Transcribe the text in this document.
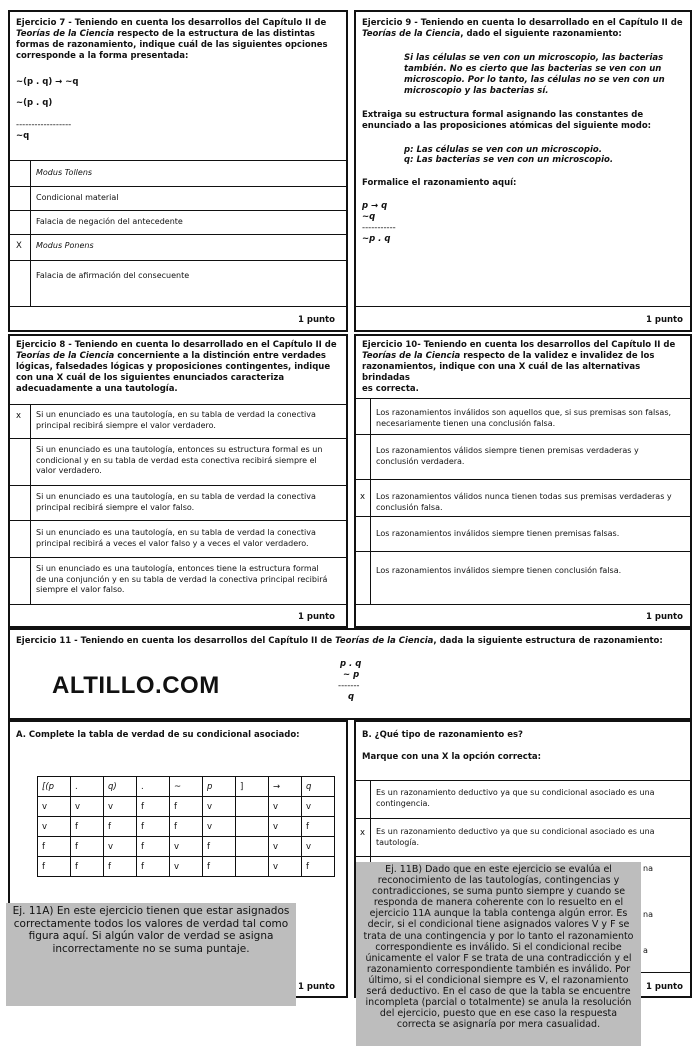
Ejercicio 7 - Teniendo en cuenta los desarrollos del Capítulo II de
Teorías de la Ciencia respecto de la estructura de las distintas
formas de razonamiento, indique cuál de las siguientes opciones
corresponde a la forma presentada:
~(p . q) → ~q
~(p . q)
------------------
~q
Modus Tollens
Condicional material
Falacia de negación del antecedente
X Modus Ponens
Falacia de afirmación del consecuente
1 punto
Ejercicio 9 - Teniendo en cuenta lo desarrollado en el Capítulo II de
Teorías de la Ciencia, dado el siguiente razonamiento:
Si las células se ven con un microscopio, las bacterias
también. No es cierto que las bacterias se ven con un
microscopio. Por lo tanto, las células no se ven con un
microscopio y las bacterias sí.
Extraiga su estructura formal asignando las constantes de
enunciado a las proposiciones atómicas del siguiente modo:
p: Las células se ven con un microscopio.
q: Las bacterias se ven con un microscopio.
Formalice el razonamiento aquí:
p → q
~q
-----------
~p . q
1 punto
Ejercicio 8 - Teniendo en cuenta lo desarrollado en el Capítulo II de
Teorías de la Ciencia concerniente a la distinción entre verdades
lógicas, falsedades lógicas y proposiciones contingentes, indique
con una X cuál de los siguientes enunciados caracteriza
adecuadamente a una tautología.
x Si un enunciado es una tautología, en su tabla de verdad la conectiva
principal recibirá siempre el valor verdadero.
Si un enunciado es una tautología, entonces su estructura formal es un
condicional y en su tabla de verdad esta conectiva recibirá siempre el
valor verdadero.
Si un enunciado es una tautología, en su tabla de verdad la conectiva
principal recibirá siempre el valor falso.
Si un enunciado es una tautología, en su tabla de verdad la conectiva
principal recibirá a veces el valor falso y a veces el valor verdadero.
Si un enunciado es una tautología, entonces tiene la estructura formal
de una conjunción y en su tabla de verdad la conectiva principal recibirá
siempre el valor falso.
1 punto
Ejercicio 10- Teniendo en cuenta los desarrollos del Capítulo II de
Teorías de la Ciencia respecto de la validez e invalidez de los
razonamientos, indique con una X cuál de las alternativas brindadas
es correcta.
Los razonamientos inválidos son aquellos que, si sus premisas son falsas,
necesariamente tienen una conclusión falsa.
Los razonamientos válidos siempre tienen premisas verdaderas y
conclusión verdadera.
x Los razonamientos válidos nunca tienen todas sus premisas verdaderas y
conclusión falsa.
Los razonamientos inválidos siempre tienen premisas falsas.
Los razonamientos inválidos siempre tienen conclusión falsa.
1 punto
Ejercicio 11 - Teniendo en cuenta los desarrollos del Capítulo II de Teorías de la Ciencia, dada la siguiente estructura de razonamiento:
p . q
~ p
-------
q
ALTILLO.COM
A. Complete la tabla de verdad de su condicional asociado:
[(p	.	q)	.	~	p	]	→	q
v	v	v	f	f	v		v	v
v	f	f	f	f	v		v	f
f	f	v	f	v	f		v	v
f	f	f	f	v	f		v	f
1 punto
B. ¿Qué tipo de razonamiento es?
Marque con una X la opción correcta:
Es un razonamiento deductivo ya que su condicional asociado es una
contingencia.
x Es un razonamiento deductivo ya que su condicional asociado es una
tautología.
na
na
a
1 punto
Ej. 11A) En este ejercicio tienen que estar asignados correctamente todos los valores de verdad tal como figura aquí. Si algún valor de verdad se asigna incorrectamente no se suma puntaje.
Ej. 11B) Dado que en este ejercicio se evalúa el reconocimiento de las tautologías, contingencias y contradicciones, se suma punto siempre y cuando se responda de manera coherente con lo resuelto en el ejercicio 11A aunque la tabla contenga algún error. Es decir, si el condicional tiene asignados valores V y F se trata de una contingencia y por lo tanto el razonamiento correspondiente es inválido. Si el condicional recibe únicamente el valor F se trata de una contradicción y el razonamiento correspondiente también es inválido. Por último, si el condicional siempre es V, el razonamiento será deductivo. En el caso de que la tabla se encuentre incompleta (parcial o totalmente) se anula la resolución del ejercicio, puesto que en ese caso la respuesta correcta se asignaría por mera casualidad.
